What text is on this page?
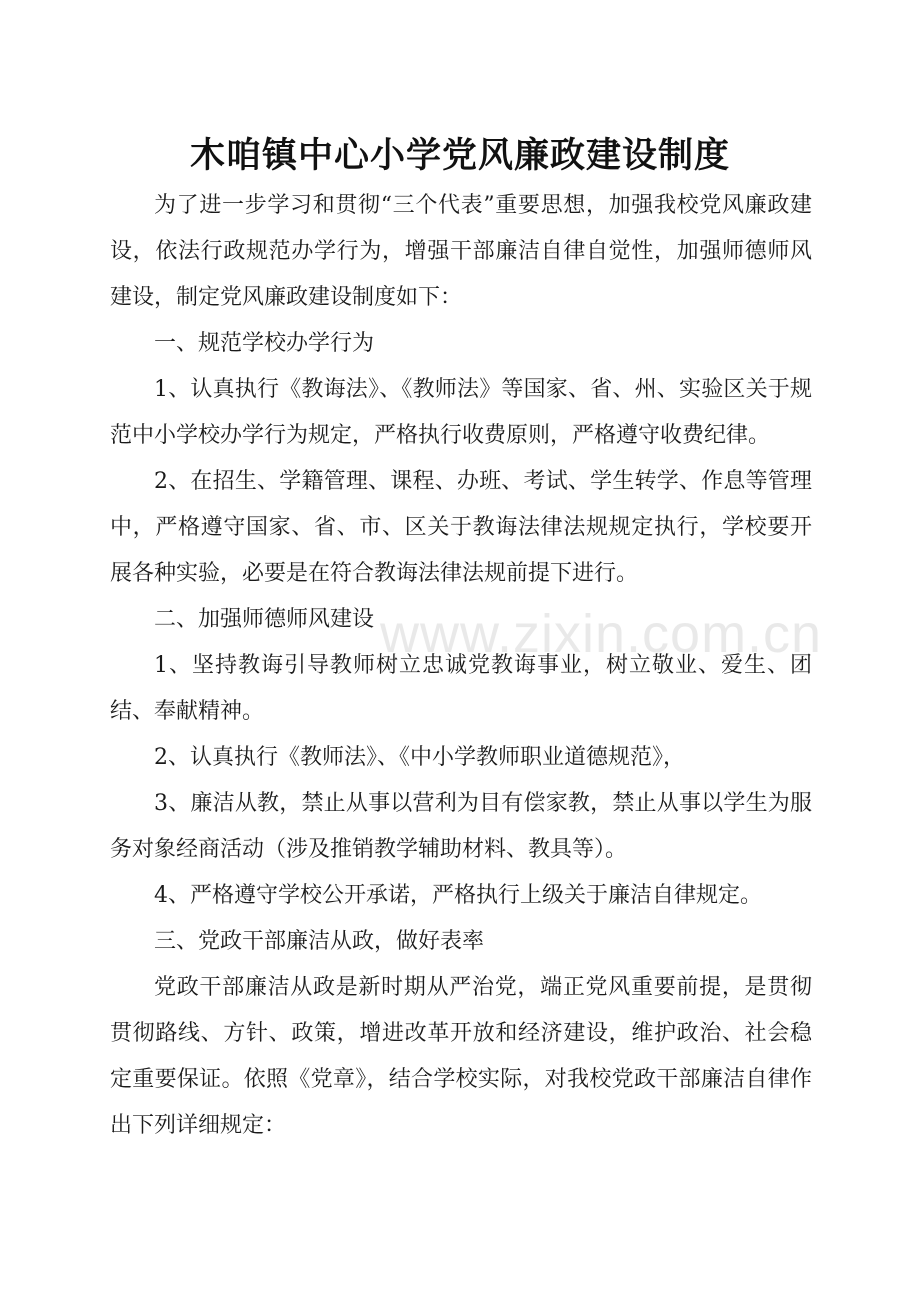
木咱镇中心小学党风廉政建设制度

为了进一步学习和贯彻“三个代表”重要思想，加强我校党风廉政建设，依法行政规范办学行为，增强干部廉洁自律自觉性，加强师德师风建设，制定党风廉政建设制度如下：

一、规范学校办学行为

1、认真执行《教诲法》、《教师法》等国家、省、州、实验区关于规范中小学校办学行为规定，严格执行收费原则，严格遵守收费纪律。

2、在招生、学籍管理、课程、办班、考试、学生转学、作息等管理中，严格遵守国家、省、市、区关于教诲法律法规规定执行，学校要开展各种实验，必要是在符合教诲法律法规前提下进行。

二、加强师德师风建设

1、坚持教诲引导教师树立忠诚党教诲事业，树立敬业、爱生、团结、奉献精神。

2、认真执行《教师法》、《中小学教师职业道德规范》，

3、廉洁从教，禁止从事以营利为目有偿家教，禁止从事以学生为服务对象经商活动（涉及推销教学辅助材料、教具等）。

4、严格遵守学校公开承诺，严格执行上级关于廉洁自律规定。

三、党政干部廉洁从政，做好表率

党政干部廉洁从政是新时期从严治党，端正党风重要前提，是贯彻贯彻路线、方针、政策，增进改革开放和经济建设，维护政治、社会稳定重要保证。依照《党章》，结合学校实际，对我校党政干部廉洁自律作出下列详细规定：

www.zixin.com.cn
